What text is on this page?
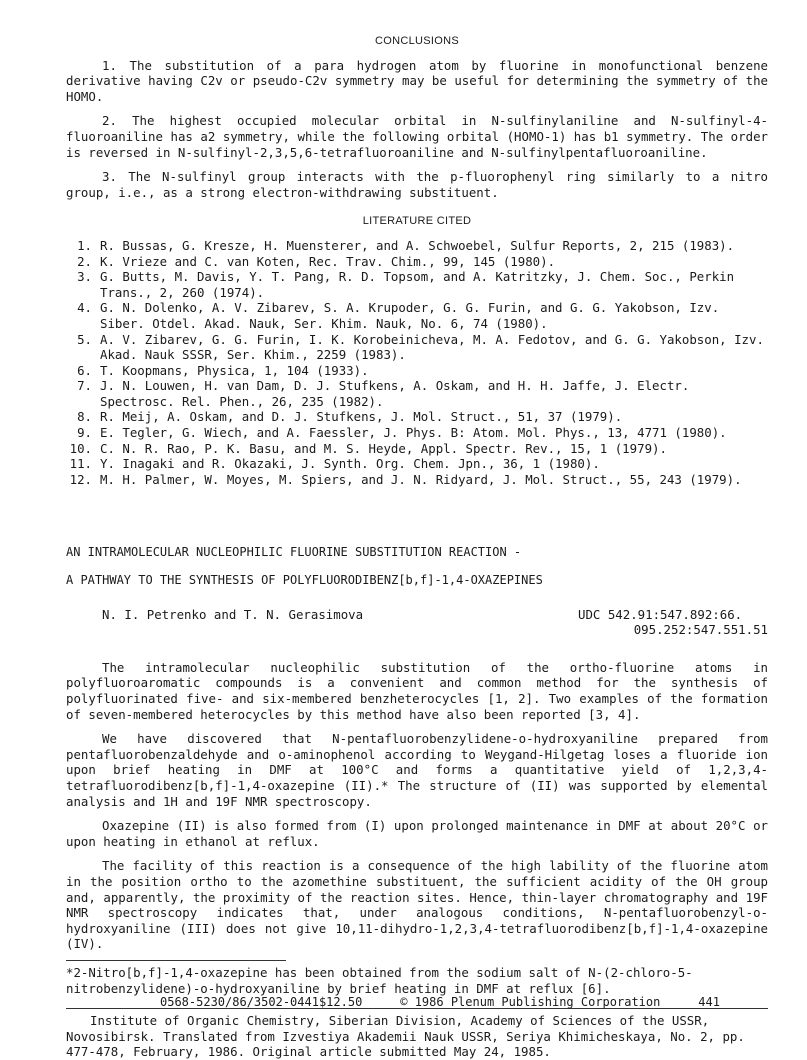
CONCLUSIONS

1. The substitution of a para hydrogen atom by fluorine in monofunctional benzene derivative having C2v or pseudo-C2v symmetry may be useful for determining the symmetry of the HOMO.

2. The highest occupied molecular orbital in N-sulfinylaniline and N-sulfinyl-4-fluoroaniline has a2 symmetry, while the following orbital (HOMO-1) has b1 symmetry. The order is reversed in N-sulfinyl-2,3,5,6-tetrafluoroaniline and N-sulfinylpentafluoroaniline.

3. The N-sulfinyl group interacts with the p-fluorophenyl ring similarly to a nitro group, i.e., as a strong electron-withdrawing substituent.

LITERATURE CITED
1. R. Bussas, G. Kresze, H. Muensterer, and A. Schwoebel, Sulfur Reports, 2, 215 (1983).
2. K. Vrieze and C. van Koten, Rec. Trav. Chim., 99, 145 (1980).
3. G. Butts, M. Davis, Y. T. Pang, R. D. Topsom, and A. Katritzky, J. Chem. Soc., Perkin Trans., 2, 260 (1974).
4. G. N. Dolenko, A. V. Zibarev, S. A. Krupoder, G. G. Furin, and G. G. Yakobson, Izv. Siber. Otdel. Akad. Nauk, Ser. Khim. Nauk, No. 6, 74 (1980).
5. A. V. Zibarev, G. G. Furin, I. K. Korobeinicheva, M. A. Fedotov, and G. G. Yakobson, Izv. Akad. Nauk SSSR, Ser. Khim., 2259 (1983).
6. T. Koopmans, Physica, 1, 104 (1933).
7. J. N. Louwen, H. van Dam, D. J. Stufkens, A. Oskam, and H. H. Jaffe, J. Electr. Spectrosc. Rel. Phen., 26, 235 (1982).
8. R. Meij, A. Oskam, and D. J. Stufkens, J. Mol. Struct., 51, 37 (1979).
9. E. Tegler, G. Wiech, and A. Faessler, J. Phys. B: Atom. Mol. Phys., 13, 4771 (1980).
10. C. N. R. Rao, P. K. Basu, and M. S. Heyde, Appl. Spectr. Rev., 15, 1 (1979).
11. Y. Inagaki and R. Okazaki, J. Synth. Org. Chem. Jpn., 36, 1 (1980).
12. M. H. Palmer, W. Moyes, M. Spiers, and J. N. Ridyard, J. Mol. Struct., 55, 243 (1979).

AN INTRAMOLECULAR NUCLEOPHILIC FLUORINE SUBSTITUTION REACTION -

A PATHWAY TO THE SYNTHESIS OF POLYFLUORODIBENZ[b,f]-1,4-OXAZEPINES

N. I. Petrenko and T. N. Gerasimova	UDC 542.91:547.892:66.
095.252:547.551.51

The intramolecular nucleophilic substitution of the ortho-fluorine atoms in polyfluoroaromatic compounds is a convenient and common method for the synthesis of polyfluorinated five- and six-membered benzheterocycles [1, 2]. Two examples of the formation of seven-membered heterocycles by this method have also been reported [3, 4].

We have discovered that N-pentafluorobenzylidene-o-hydroxyaniline prepared from pentafluorobenzaldehyde and o-aminophenol according to Weygand-Hilgetag loses a fluoride ion upon brief heating in DMF at 100°C and forms a quantitative yield of 1,2,3,4-tetrafluorodibenz[b,f]-1,4-oxazepine (II).* The structure of (II) was supported by elemental analysis and 1H and 19F NMR spectroscopy.

Oxazepine (II) is also formed from (I) upon prolonged maintenance in DMF at about 20°C or upon heating in ethanol at reflux.

The facility of this reaction is a consequence of the high lability of the fluorine atom in the position ortho to the azomethine substituent, the sufficient acidity of the OH group and, apparently, the proximity of the reaction sites. Hence, thin-layer chromatography and 19F NMR spectroscopy indicates that, under analogous conditions, N-pentafluorobenzyl-o-hydroxyaniline (III) does not give 10,11-dihydro-1,2,3,4-tetrafluorodibenz[b,f]-1,4-oxazepine (IV).

*2-Nitro[b,f]-1,4-oxazepine has been obtained from the sodium salt of N-(2-chloro-5-nitrobenzylidene)-o-hydroxyaniline by brief heating in DMF at reflux [6].

Institute of Organic Chemistry, Siberian Division, Academy of Sciences of the USSR, Novosibirsk. Translated from Izvestiya Akademii Nauk USSR, Seriya Khimicheskaya, No. 2, pp. 477-478, February, 1986. Original article submitted May 24, 1985.

0568-5230/86/3502-0441$12.50	© 1986 Plenum Publishing Corporation	441
